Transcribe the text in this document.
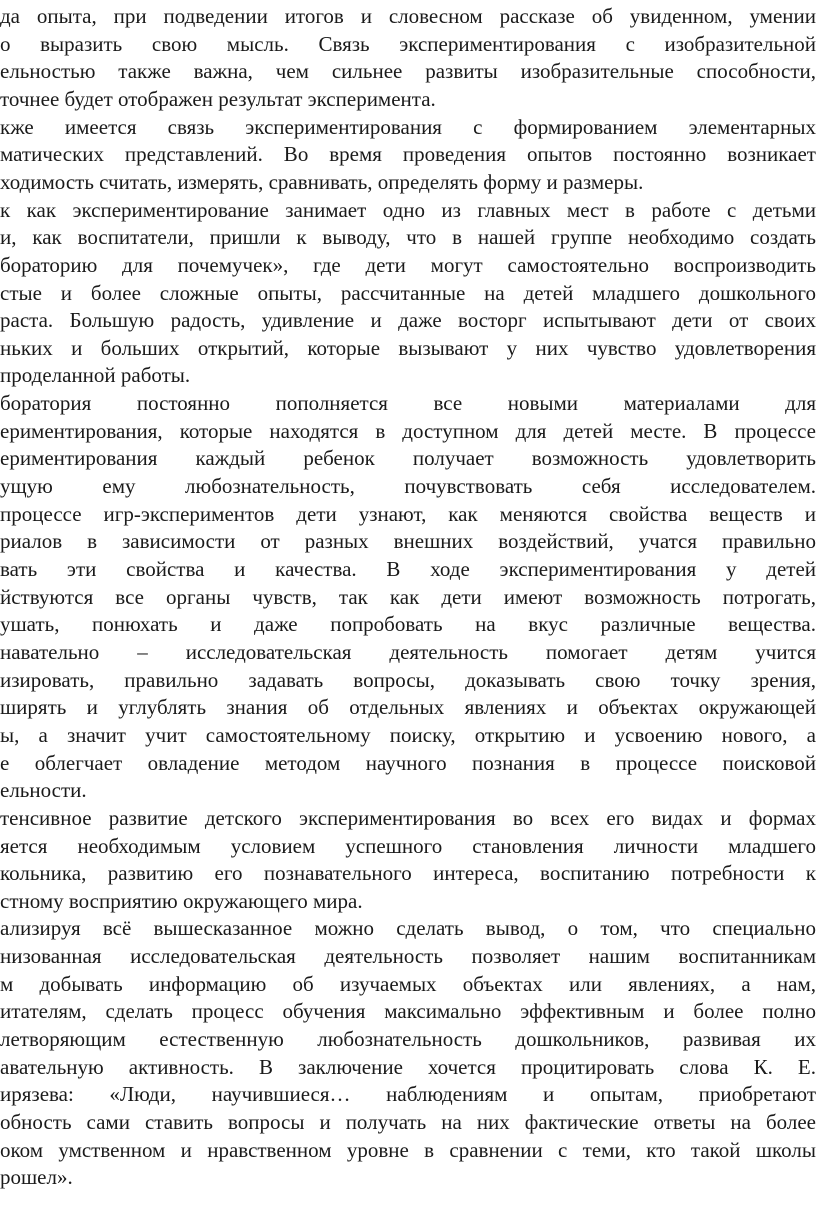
да опыта, при подведении итогов и словесном рассказе об увиденном, умении
о выразить свою мысль. Связь экспериментирования с изобразительной
ельностью также важна, чем сильнее развиты изобразительные способности,
точнее будет отображен результат эксперимента.
кже имеется связь экспериментирования с формированием элементарных
матических представлений. Во время проведения опытов постоянно возникает
ходимость считать, измерять, сравнивать, определять форму и размеры.
к как экспериментирование занимает одно из главных мест в работе с детьми
и, как воспитатели, пришли к выводу, что в нашей группе необходимо создать
бораторию для почемучек», где дети могут самостоятельно воспроизводить
стые и более сложные опыты, рассчитанные на детей младшего дошкольного
раста. Большую радость, удивление и даже восторг испытывают дети от своих
нькиx и больших открытий, которые вызывают у них чувство удовлетворения
проделанной работы.
боратория постоянно пополняется все новыми материалами для
ериментирования, которые находятся в доступном для детей месте. В процессе
ериментирования каждый ребенок получает возможность удовлетворить
ущую ему любознательность, почувствовать себя исследователем.
процессе игр-экспериментов дети узнают, как меняются свойства веществ и
риалов в зависимости от разных внешних воздействий, учатся правильно
вать эти свойства и качества. В ходе экспериментирования у детей
йствуются все органы чувств, так как дети имеют возможность потрогать,
ушать, понюхать и даже попробовать на вкус различные вещества.
навательно – исследовательская деятельность помогает детям учится
изировать, правильно задавать вопросы, доказывать свою точку зрения,
ширять и углублять знания об отдельных явлениях и объектах окружающей
ы, а значит учит самостоятельному поиску, открытию и усвоению нового, а
е облегчает овладение методом научного познания в процессе поисковой
ельности.
тенсивное развитие детского экспериментирования во всех его видах и формах
яется необходимым условием успешного становления личности младшего
кольника, развитию его познавательного интереса, воспитанию потребности к
стному восприятию окружающего мира.
ализируя всё вышесказанное можно сделать вывод, о том, что специально
низованная исследовательская деятельность позволяет нашим воспитанникам
м добывать информацию об изучаемых объектах или явлениях, а нам,
итателям, сделать процесс обучения максимально эффективным и более полно
летворяющим естественную любознательность дошкольников, развивая их
авательную активность. В заключение хочется процитировать слова К. Е.
ирязева: «Люди, научившиеся… наблюдениям и опытам, приобретают
обность сами ставить вопросы и получать на них фактические ответы на более
оком умственном и нравственном уровне в сравнении с теми, кто такой школы
рошел».
